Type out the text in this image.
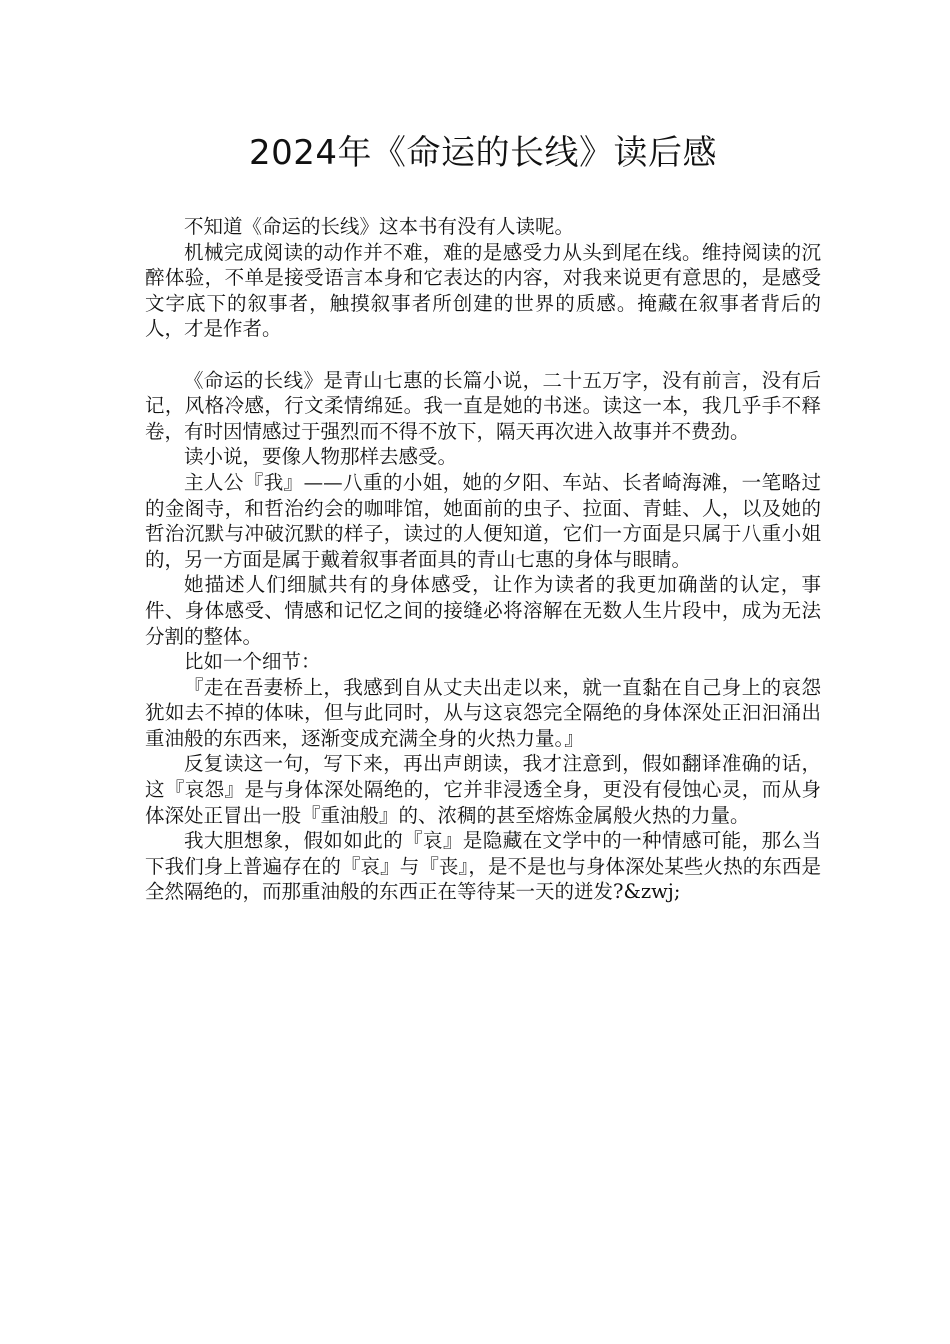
2024年《命运的长线》读后感

不知道《命运的长线》这本书有没有人读呢。

机械完成阅读的动作并不难，难的是感受力从头到尾在线。维持阅读的沉醉体验，不单是接受语言本身和它表达的内容，对我来说更有意思的，是感受文字底下的叙事者，触摸叙事者所创建的世界的质感。掩藏在叙事者背后的人，才是作者。

《命运的长线》是青山七惠的长篇小说，二十五万字，没有前言，没有后记，风格冷感，行文柔情绵延。我一直是她的书迷。读这一本，我几乎手不释卷，有时因情感过于强烈而不得不放下，隔天再次进入故事并不费劲。

读小说，要像人物那样去感受。

主人公『我』——八重的小姐，她的夕阳、车站、长者崎海滩，一笔略过的金阁寺，和哲治约会的咖啡馆，她面前的虫子、拉面、青蛙、人，以及她的哲治沉默与冲破沉默的样子，读过的人便知道，它们一方面是只属于八重小姐的，另一方面是属于戴着叙事者面具的青山七惠的身体与眼睛。

她描述人们细腻共有的身体感受，让作为读者的我更加确凿的认定，事件、身体感受、情感和记忆之间的接缝必将溶解在无数人生片段中，成为无法分割的整体。

比如一个细节：

『走在吾妻桥上，我感到自从丈夫出走以来，就一直黏在自己身上的哀怨犹如去不掉的体味，但与此同时，从与这哀怨完全隔绝的身体深处正汩汩涌出重油般的东西来，逐渐变成充满全身的火热力量。』

反复读这一句，写下来，再出声朗读，我才注意到，假如翻译准确的话，这『哀怨』是与身体深处隔绝的，它并非浸透全身，更没有侵蚀心灵，而从身体深处正冒出一股『重油般』的、浓稠的甚至熔炼金属般火热的力量。

我大胆想象，假如如此的『哀』是隐藏在文学中的一种情感可能，那么当下我们身上普遍存在的『哀』与『丧』，是不是也与身体深处某些火热的东西是全然隔绝的，而那重油般的东西正在等待某一天的迸发?&zwj;
